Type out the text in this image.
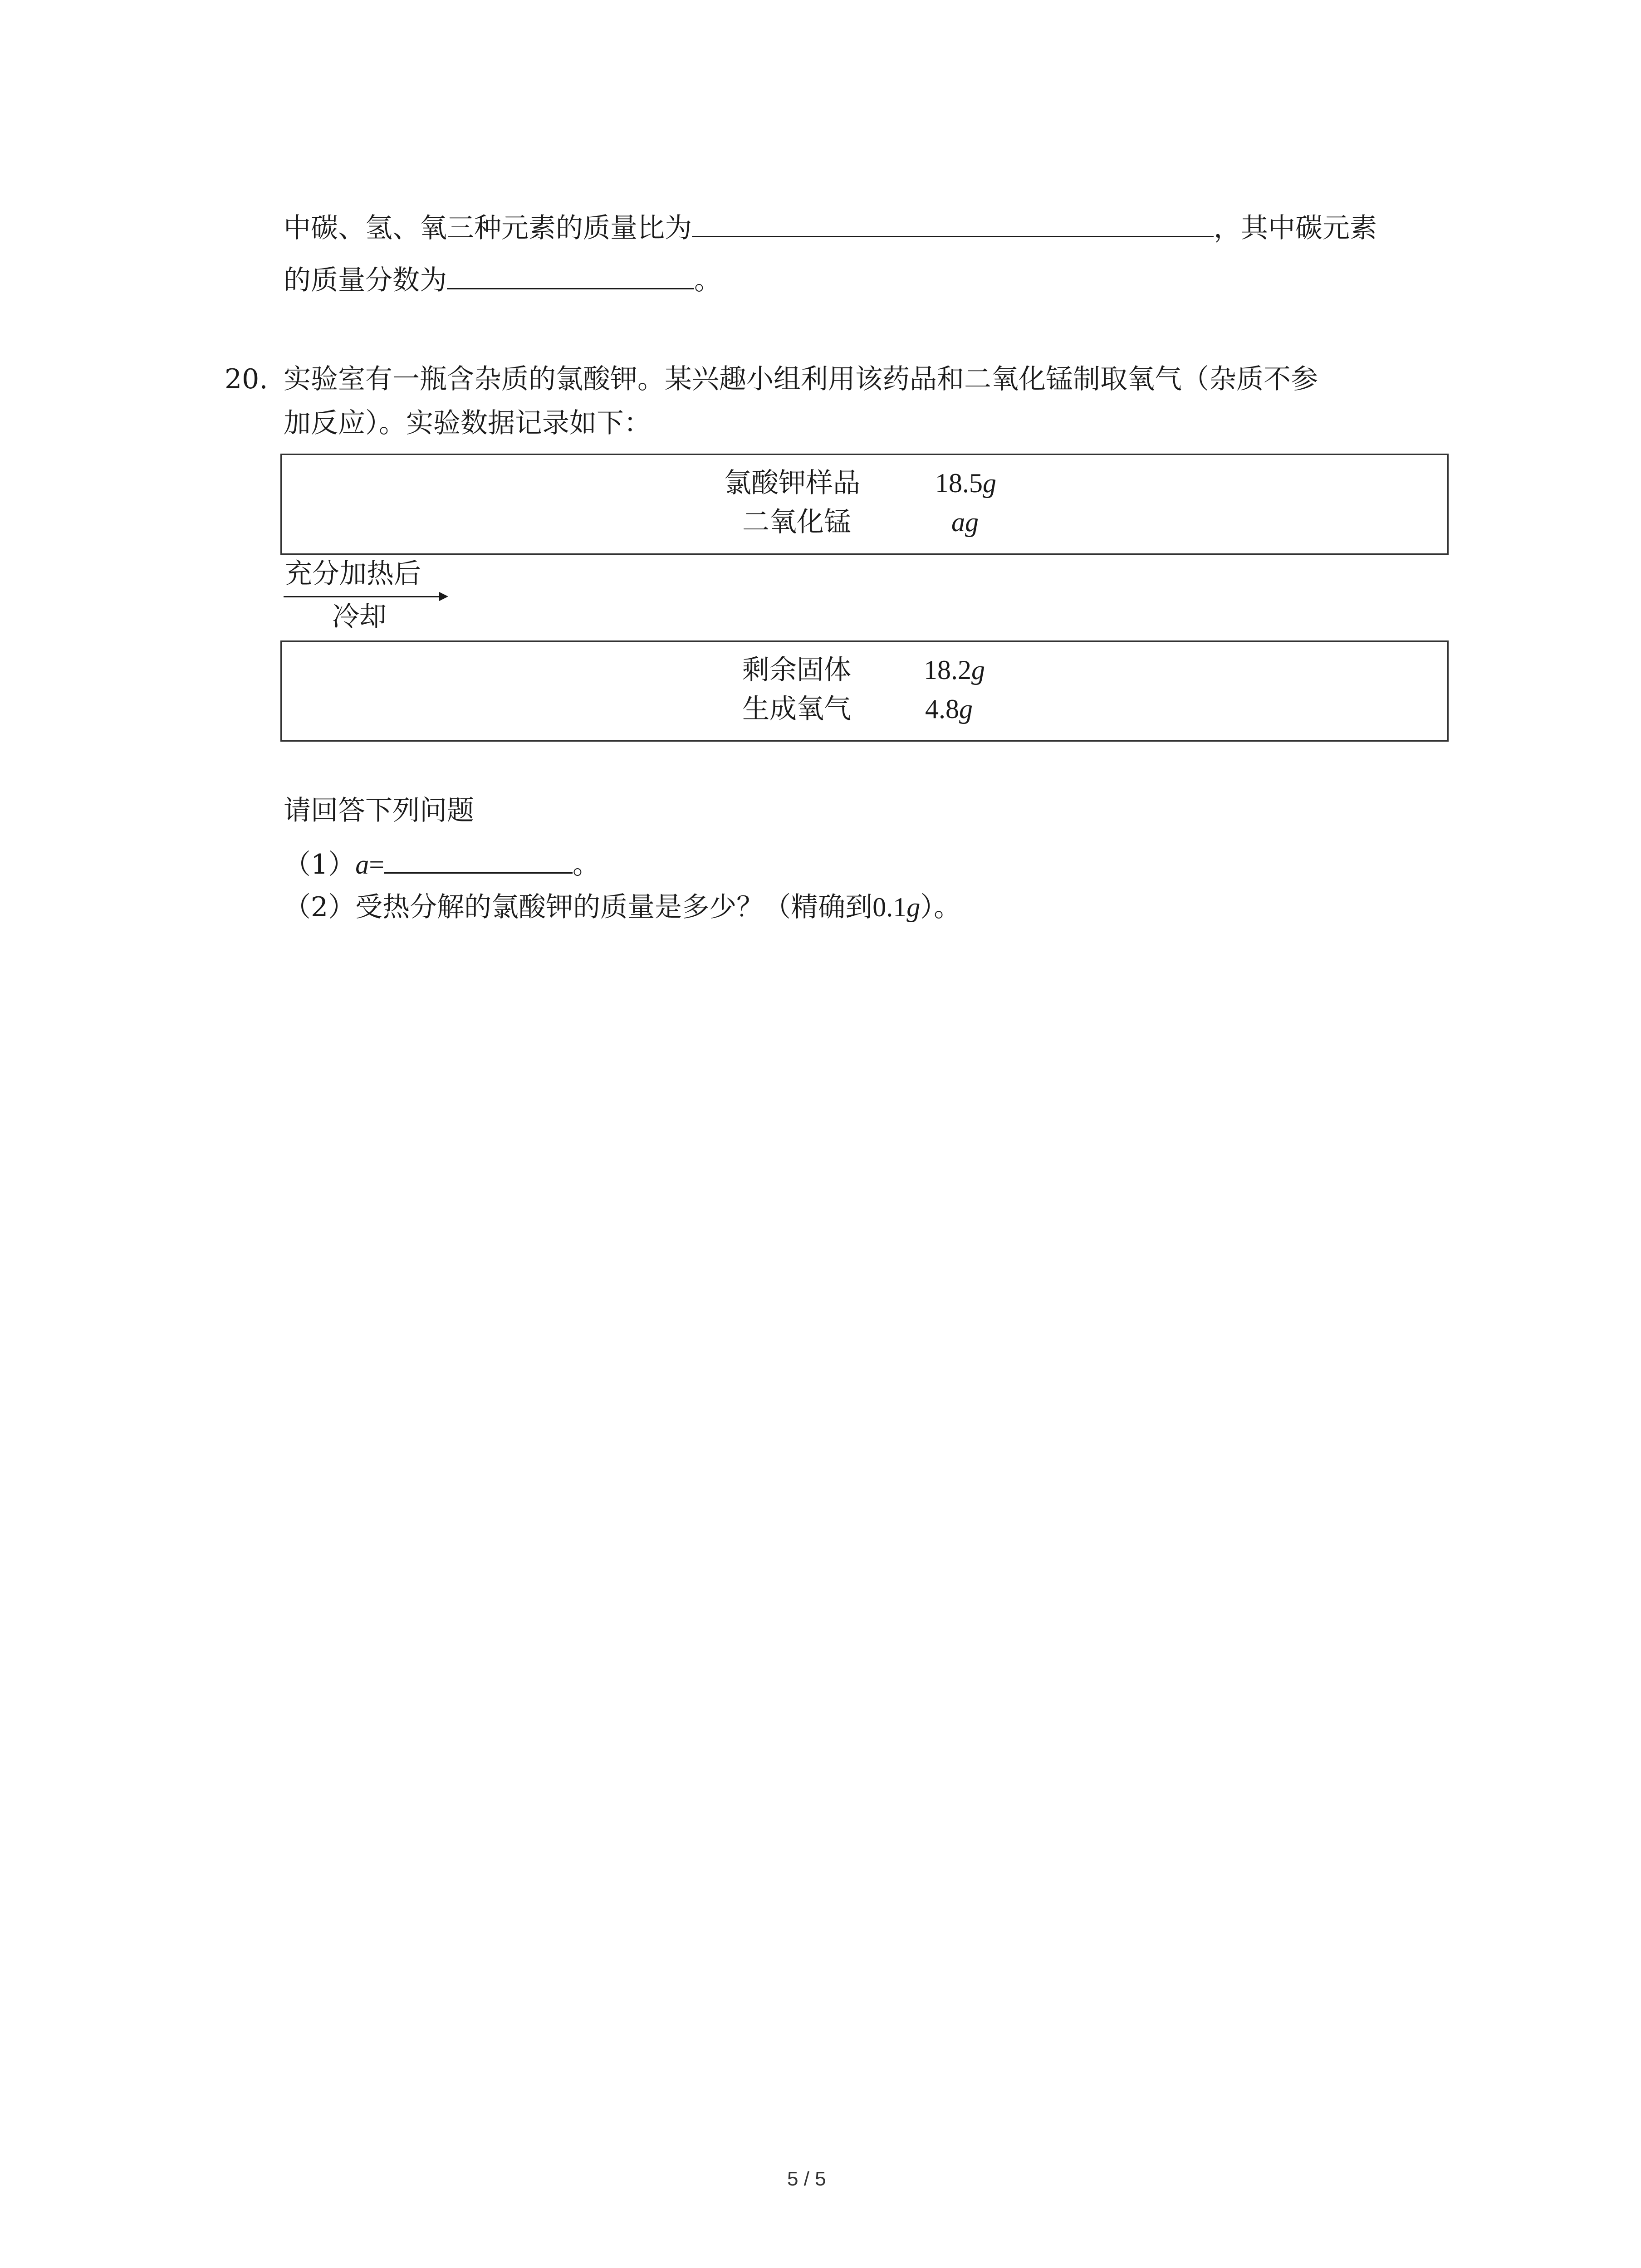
中碳、氢、氧三种元素的质量比为	，其中碳元素
的质量分数为	。
20. 实验室有一瓶含杂质的氯酸钾。某兴趣小组利用该药品和二氧化锰制取氧气（杂质不参
加反应）。实验数据记录如下：
氯酸钾样品	18.5g
二氧化锰	ag
充分加热后
冷却
剩余固体	18.2g
生成氧气	4.8g
请回答下列问题
（1）a=	。
（2）受热分解的氯酸钾的质量是多少？（精确到0.1g）。
5 / 5
